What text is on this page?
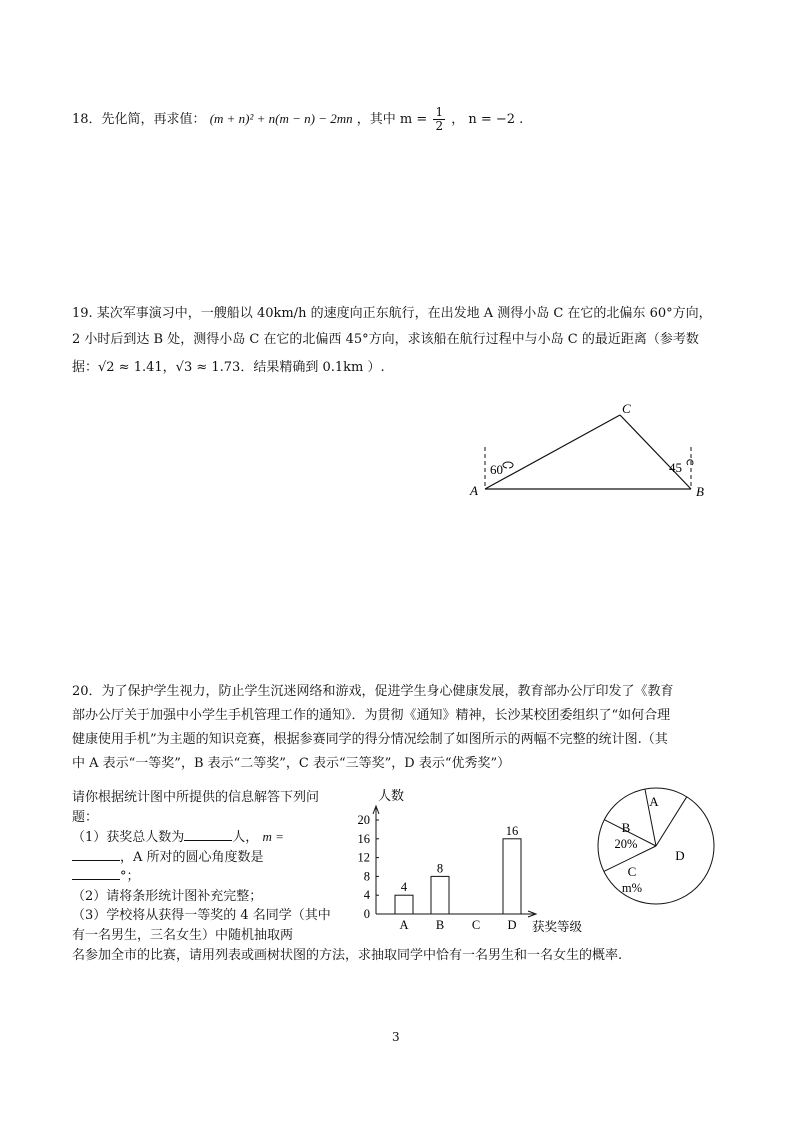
18．先化简，再求值： (m + n)² + n(m − n) − 2mn ，其中 $m = \frac{1}{2}$ ， n = −2 .
19. 某次军事演习中，一艘船以 40km/h 的速度向正东航行，在出发地 A 测得小岛 C 在它的北偏东 60°方向，
2 小时后到达 B 处，测得小岛 C 在它的北偏西 45°方向，求该船在航行过程中与小岛 C 的最近距离（参考数
据：√2 ≈ 1.41，√3 ≈ 1.73．结果精确到 0.1km ）.
60	45
A	B
C
20．为了保护学生视力，防止学生沉迷网络和游戏，促进学生身心健康发展，教育部办公厅印发了《教育
部办公厅关于加强中小学生手机管理工作的通知》．为贯彻《通知》精神，长沙某校团委组织了“如何合理
健康使用手机”为主题的知识竞赛，根据参赛同学的得分情况绘制了如图所示的两幅不完整的统计图.（其
中 A 表示“一等奖”，B 表示“二等奖”，C 表示“三等奖”，D 表示“优秀奖”）
请你根据统计图中所提供的信息解答下列问题：
（1）获奖总人数为	人， m =
，A 所对的圆心角度数是
°；
（2）请将条形统计图补充完整；
（3）学校将从获得一等奖的 4 名同学（其中有一名男生，三名女生）中随机抽取两
人数
获奖等级
0
4
8
12
16
20
A
4
B
8
C D
16
A
B
20%
C
m%
D
名参加全市的比赛，请用列表或画树状图的方法，求抽取同学中恰有一名男生和一名女生的概率.
3
